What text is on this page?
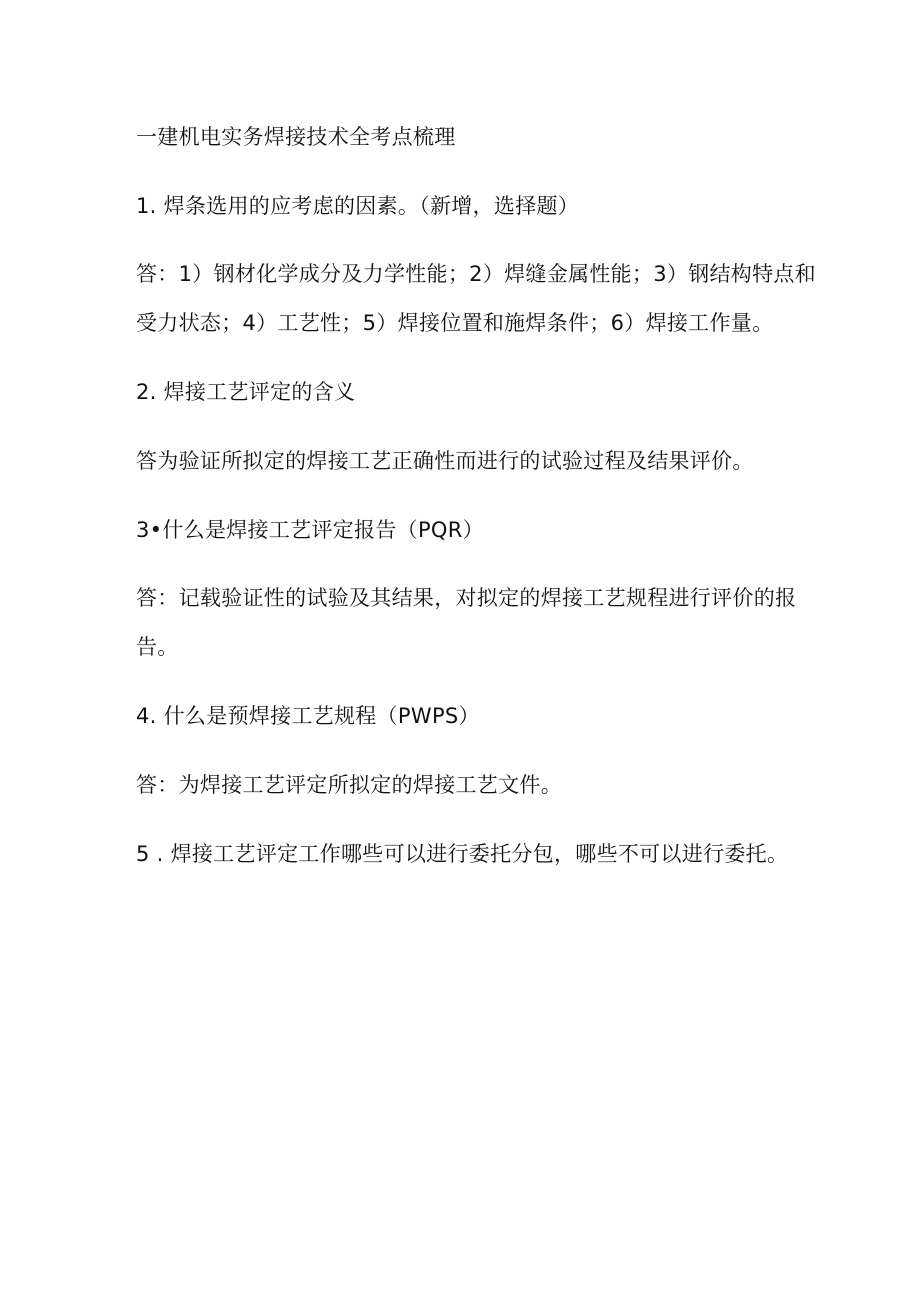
一建机电实务焊接技术全考点梳理

1. 焊条选用的应考虑的因素。（新增，选择题）

答：1）钢材化学成分及力学性能；2）焊缝金属性能；3）钢结构特点和受力状态；4）工艺性；5）焊接位置和施焊条件；6）焊接工作量。

2. 焊接工艺评定的含义

答为验证所拟定的焊接工艺正确性而进行的试验过程及结果评价。

3•什么是焊接工艺评定报告（PQR）

答：记载验证性的试验及其结果，对拟定的焊接工艺规程进行评价的报告。

4. 什么是预焊接工艺规程（PWPS）

答：为焊接工艺评定所拟定的焊接工艺文件。

5 . 焊接工艺评定工作哪些可以进行委托分包，哪些不可以进行委托。
